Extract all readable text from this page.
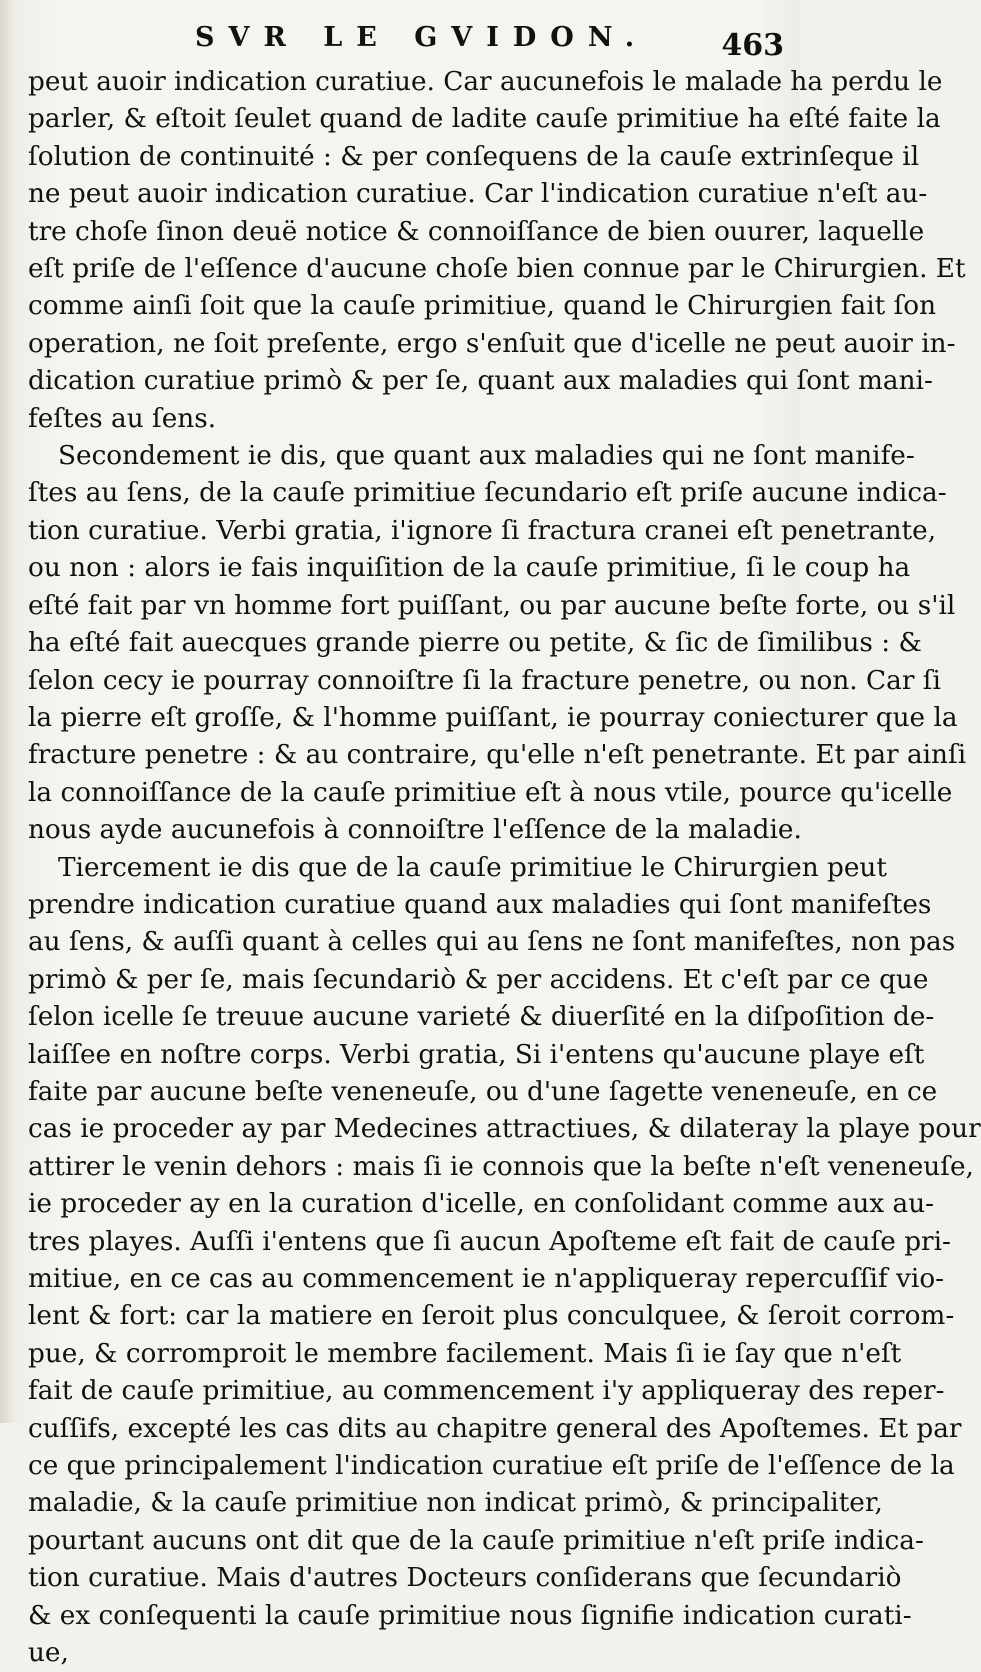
SVR LE GVIDON. 463
peut auoir indication curatiue. Car aucunefois le malade ha perdu le
parler, & eſtoit ſeulet quand de ladite cauſe primitiue ha eſté faite la
ſolution de continuité : & per conſequens de la cauſe extrinſeque il
ne peut auoir indication curatiue. Car l'indication curatiue n'eſt au-
tre choſe ſinon deuë notice & connoiſſance de bien ouurer, laquelle
eſt priſe de l'eſſence d'aucune choſe bien connue par le Chirurgien. Et
comme ainſi ſoit que la cauſe primitiue, quand le Chirurgien fait ſon
operation, ne ſoit preſente, ergo s'enſuit que d'icelle ne peut auoir in-
dication curatiue primò & per ſe, quant aux maladies qui ſont mani-
feſtes au ſens.
Secondement ie dis, que quant aux maladies qui ne ſont manife-
ſtes au ſens, de la cauſe primitiue ſecundario eſt priſe aucune indica-
tion curatiue. Verbi gratia, i'ignore ſi fractura cranei eſt penetrante,
ou non : alors ie fais inquiſition de la cauſe primitiue, ſi le coup ha
eſté fait par vn homme fort puiſſant, ou par aucune beſte forte, ou s'il
ha eſté fait auecques grande pierre ou petite, & ſic de ſimilibus : &
ſelon cecy ie pourray connoiſtre ſi la fracture penetre, ou non. Car ſi
la pierre eſt groſſe, & l'homme puiſſant, ie pourray coniecturer que la
fracture penetre : & au contraire, qu'elle n'eſt penetrante. Et par ainſi
la connoiſſance de la cauſe primitiue eſt à nous vtile, pource qu'icelle
nous ayde aucunefois à connoiſtre l'eſſence de la maladie.
Tiercement ie dis que de la cauſe primitiue le Chirurgien peut
prendre indication curatiue quand aux maladies qui ſont manifeſtes
au ſens, & auſſi quant à celles qui au ſens ne ſont manifeſtes, non pas
primò & per ſe, mais ſecundariò & per accidens. Et c'eſt par ce que
ſelon icelle ſe treuue aucune varieté & diuerſité en la diſpoſition de-
laiſſee en noſtre corps. Verbi gratia, Si i'entens qu'aucune playe eſt
faite par aucune beſte veneneuſe, ou d'une ſagette veneneuſe, en ce
cas ie proceder ay par Medecines attractiues, & dilateray la playe pour
attirer le venin dehors : mais ſi ie connois que la beſte n'eſt veneneuſe,
ie proceder ay en la curation d'icelle, en conſolidant comme aux au-
tres playes. Auſſi i'entens que ſi aucun Apoſteme eſt fait de cauſe pri-
mitiue, en ce cas au commencement ie n'appliqueray repercuſſif vio-
lent & fort: car la matiere en ſeroit plus conculquee, & ſeroit corrom-
pue, & corromproit le membre facilement. Mais ſi ie ſay que n'eſt
fait de cauſe primitiue, au commencement i'y appliqueray des reper-
cuſſifs, excepté les cas dits au chapitre general des Apoſtemes. Et par
ce que principalement l'indication curatiue eſt priſe de l'eſſence de la
maladie, & la cauſe primitiue non indicat primò, & principaliter,
pourtant aucuns ont dit que de la cauſe primitiue n'eſt priſe indica-
tion curatiue. Mais d'autres Docteurs conſiderans que ſecundariò
& ex conſequenti la cauſe primitiue nous ſignifie indication curati-
ue,
